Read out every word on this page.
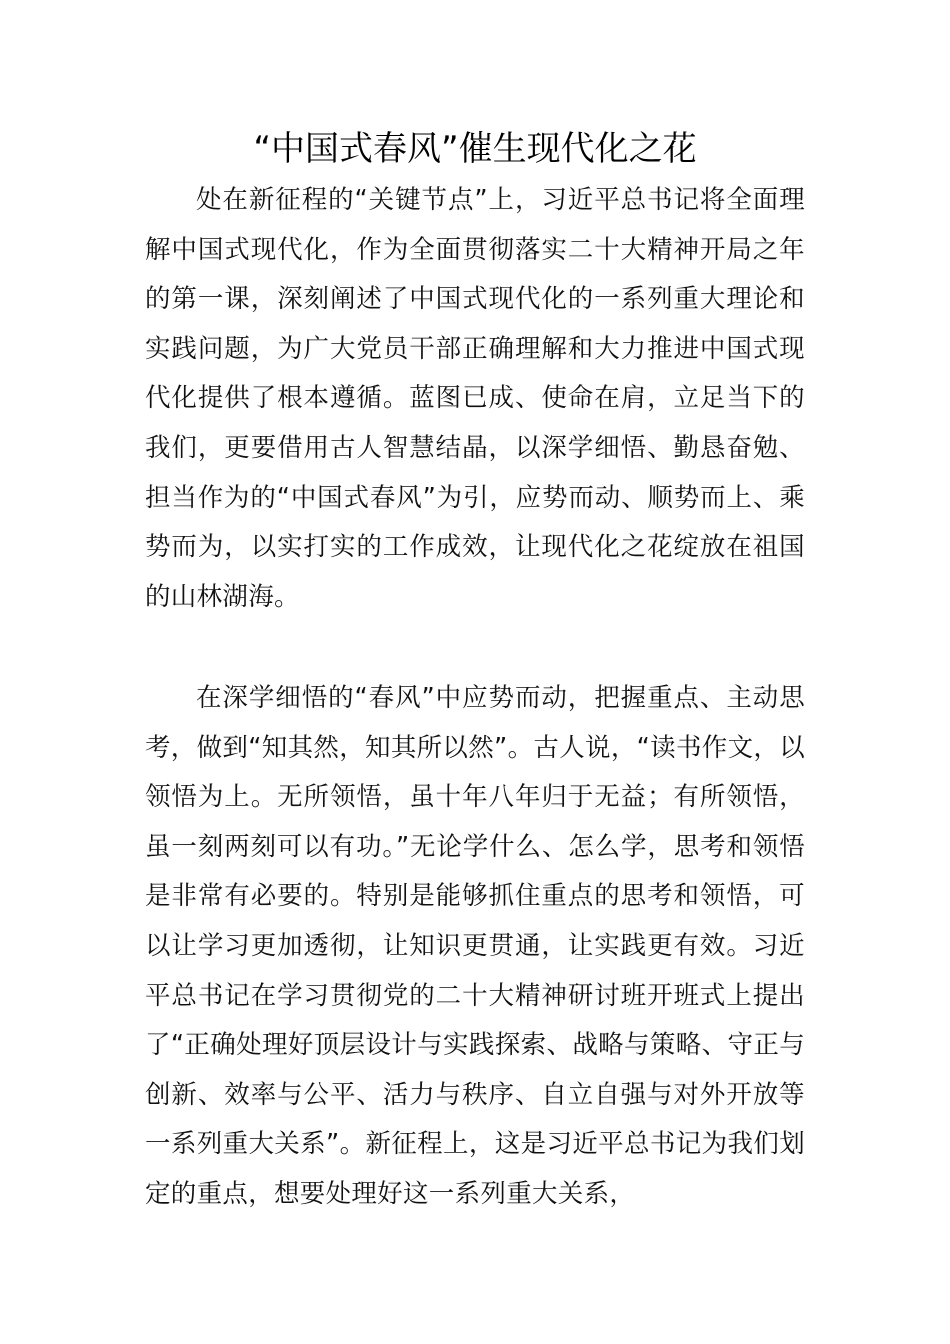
“中国式春风”催生现代化之花

处在新征程的“关键节点”上，习近平总书记将全面理解中国式现代化，作为全面贯彻落实二十大精神开局之年的第一课，深刻阐述了中国式现代化的一系列重大理论和实践问题，为广大党员干部正确理解和大力推进中国式现代化提供了根本遵循。蓝图已成、使命在肩，立足当下的我们，更要借用古人智慧结晶，以深学细悟、勤恳奋勉、担当作为的“中国式春风”为引，应势而动、顺势而上、乘势而为，以实打实的工作成效，让现代化之花绽放在祖国的山林湖海。

在深学细悟的“春风”中应势而动，把握重点、主动思考，做到“知其然，知其所以然”。古人说，“读书作文，以领悟为上。无所领悟，虽十年八年归于无益；有所领悟，虽一刻两刻可以有功。”无论学什么、怎么学，思考和领悟是非常有必要的。特别是能够抓住重点的思考和领悟，可以让学习更加透彻，让知识更贯通，让实践更有效。习近平总书记在学习贯彻党的二十大精神研讨班开班式上提出了“正确处理好顶层设计与实践探索、战略与策略、守正与创新、效率与公平、活力与秩序、自立自强与对外开放等一系列重大关系”。新征程上，这是习近平总书记为我们划定的重点，想要处理好这一系列重大关系，
